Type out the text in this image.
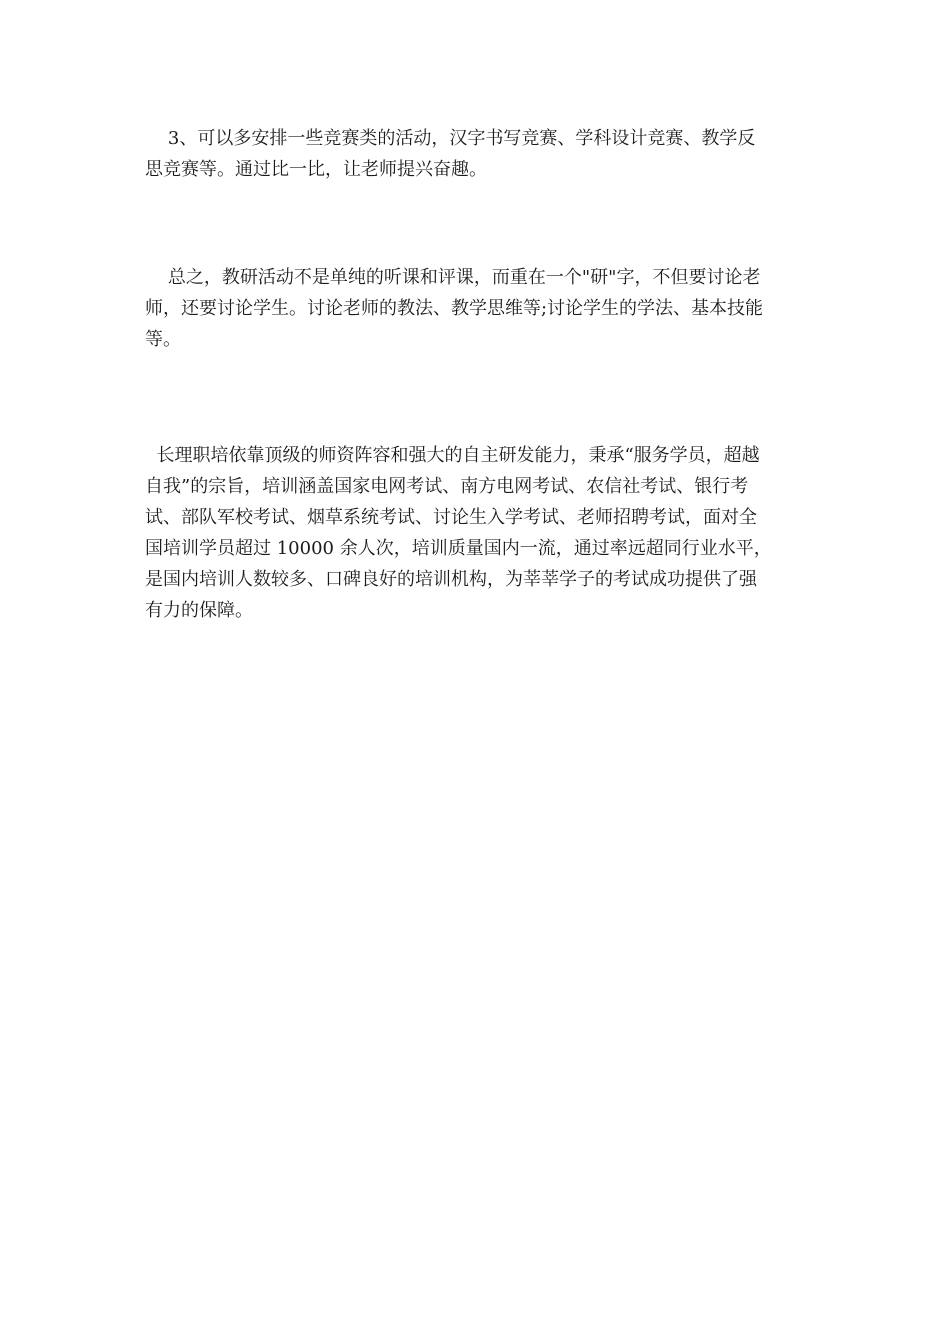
3、可以多安排一些竞赛类的活动，汉字书写竞赛、学科设计竞赛、教学反
思竞赛等。通过比一比，让老师提兴奋趣。

总之，教研活动不是单纯的听课和评课，而重在一个"研"字，不但要讨论老
师，还要讨论学生。讨论老师的教法、教学思维等;讨论学生的学法、基本技能
等。

长理职培依靠顶级的师资阵容和强大的自主研发能力，秉承“服务学员，超越
自我”的宗旨，培训涵盖国家电网考试、南方电网考试、农信社考试、银行考
试、部队军校考试、烟草系统考试、讨论生入学考试、老师招聘考试，面对全
国培训学员超过 10000 余人次，培训质量国内一流，通过率远超同行业水平，
是国内培训人数较多、口碑良好的培训机构，为莘莘学子的考试成功提供了强
有力的保障。
